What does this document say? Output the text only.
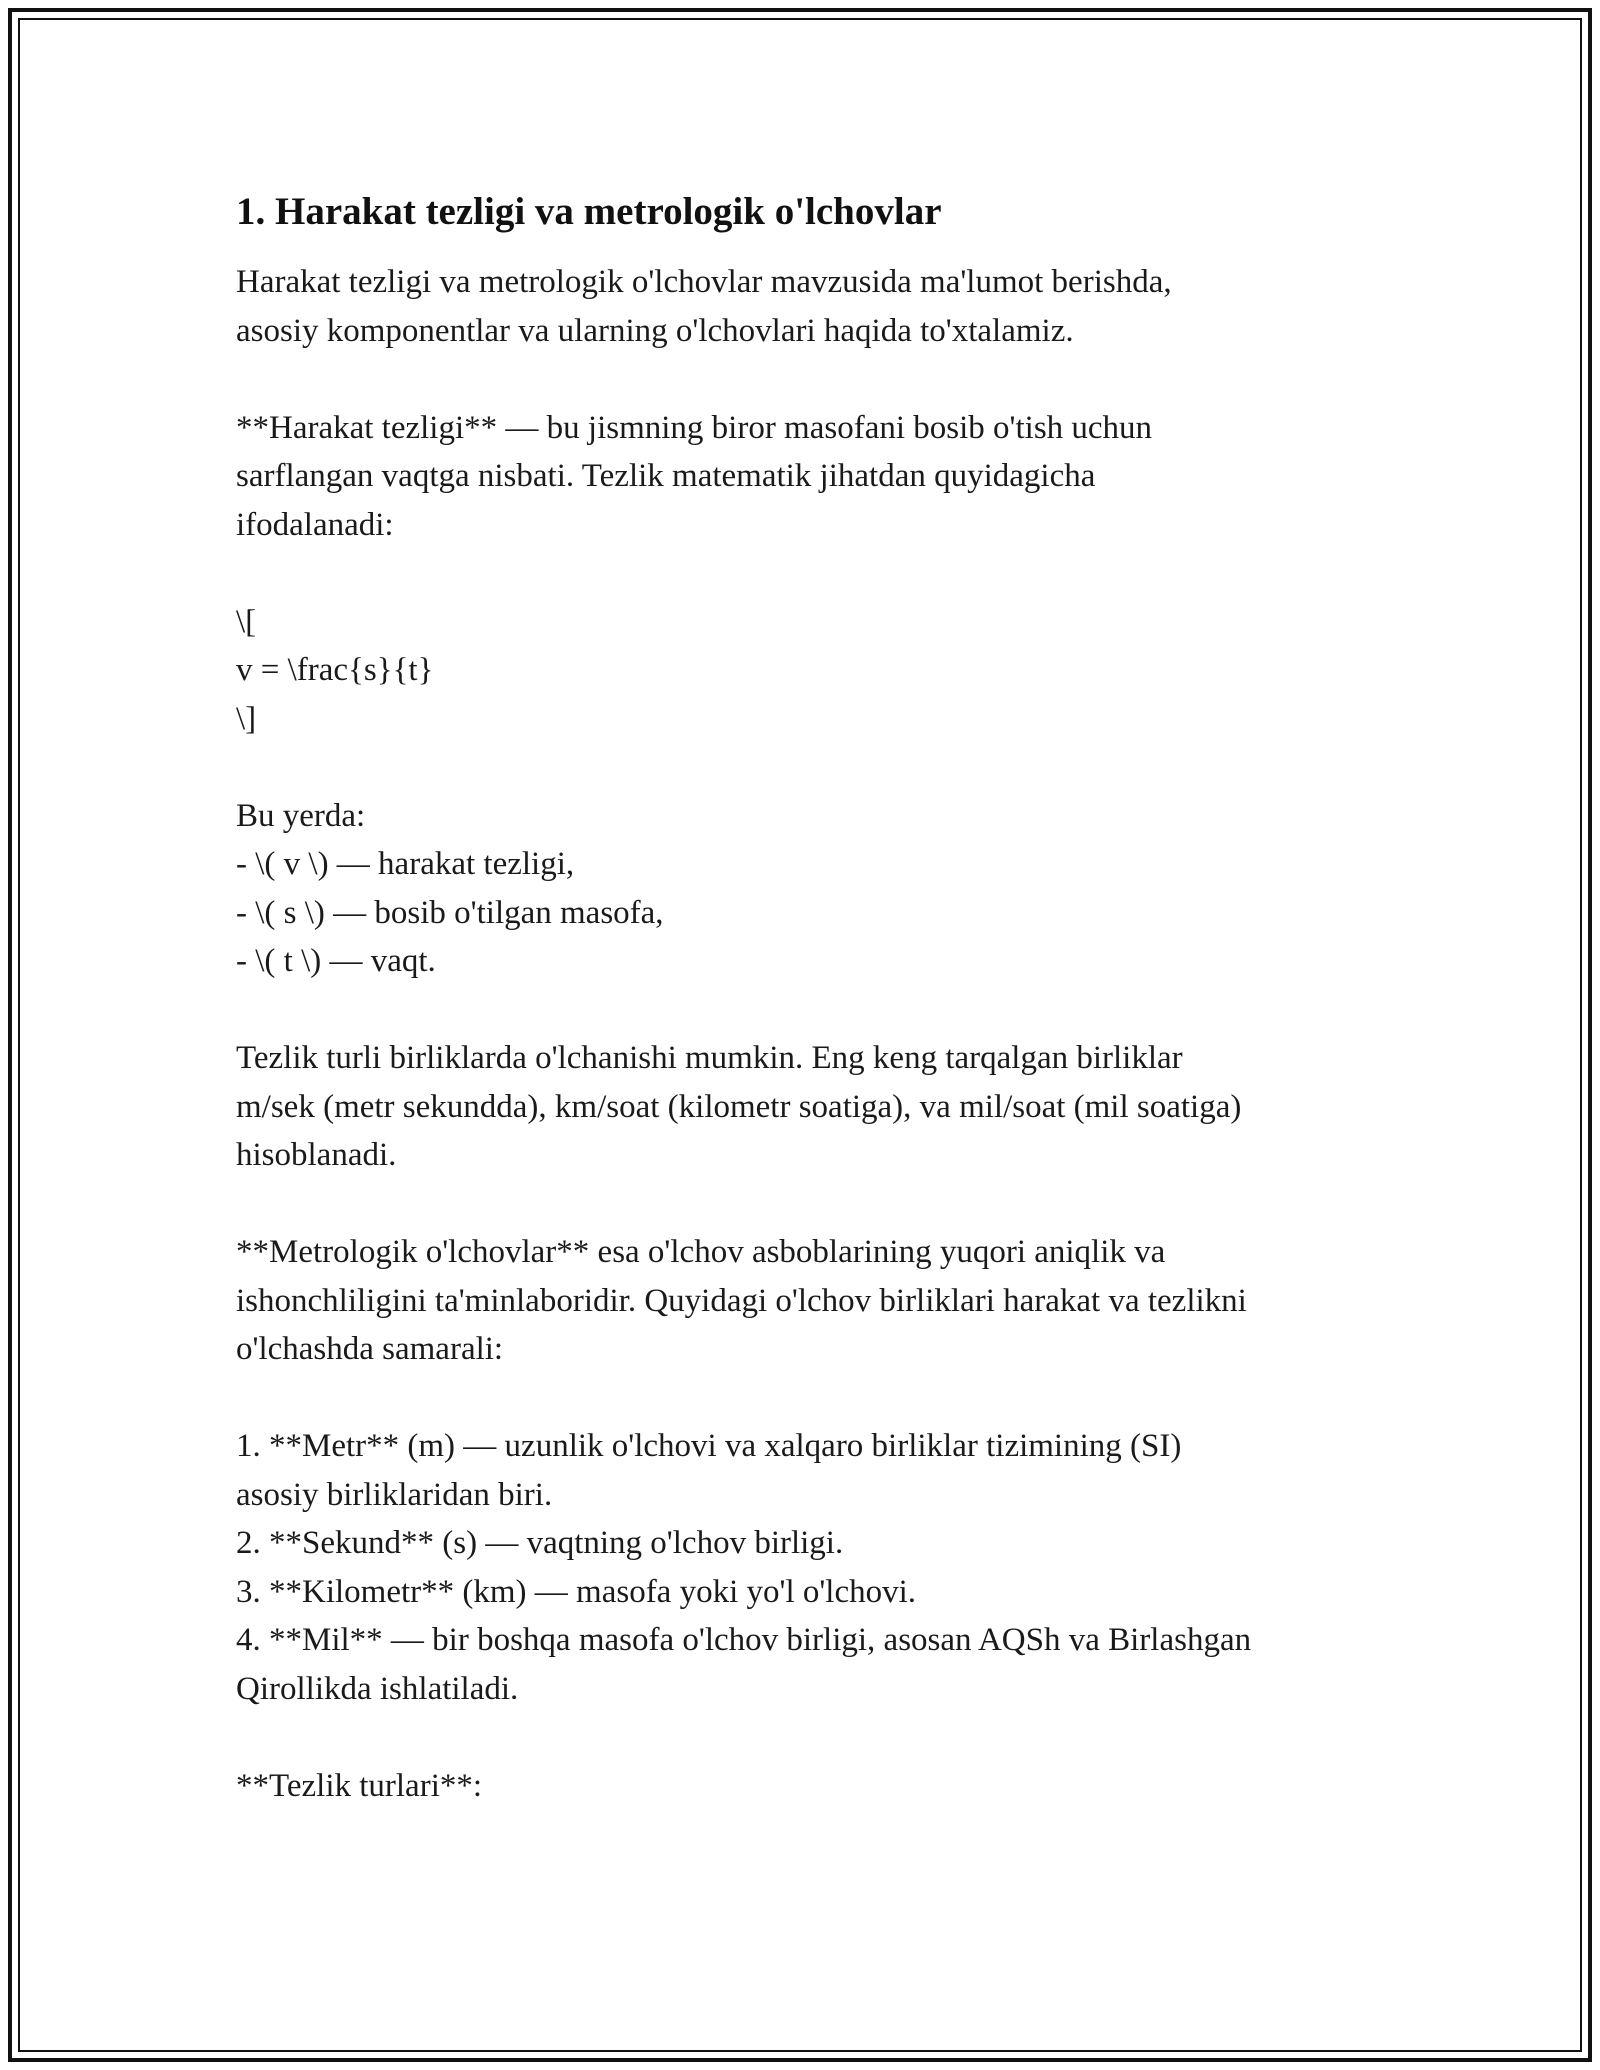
1. Harakat tezligi va metrologik o'lchovlar

Harakat tezligi va metrologik o'lchovlar mavzusida ma'lumot berishda,

asosiy komponentlar va ularning o'lchovlari haqida to'xtalamiz.

**Harakat tezligi** — bu jismning biror masofani bosib o'tish uchun

sarflangan vaqtga nisbati. Tezlik matematik jihatdan quyidagicha

ifodalanadi:

\[

v = \frac{s}{t}

\]

Bu yerda:

- \( v \) — harakat tezligi,

- \( s \) — bosib o'tilgan masofa,

- \( t \) — vaqt.

Tezlik turli birliklarda o'lchanishi mumkin. Eng keng tarqalgan birliklar

m/sek (metr sekundda), km/soat (kilometr soatiga), va mil/soat (mil soatiga)

hisoblanadi.

**Metrologik o'lchovlar** esa o'lchov asboblarining yuqori aniqlik va

ishonchliligini ta'minlaboridir. Quyidagi o'lchov birliklari harakat va tezlikni

o'lchashda samarali:

1. **Metr** (m) — uzunlik o'lchovi va xalqaro birliklar tizimining (SI)

asosiy birliklaridan biri.

2. **Sekund** (s) — vaqtning o'lchov birligi.

3. **Kilometr** (km) — masofa yoki yo'l o'lchovi.

4. **Mil** — bir boshqa masofa o'lchov birligi, asosan AQSh va Birlashgan

Qirollikda ishlatiladi.

**Tezlik turlari**:
